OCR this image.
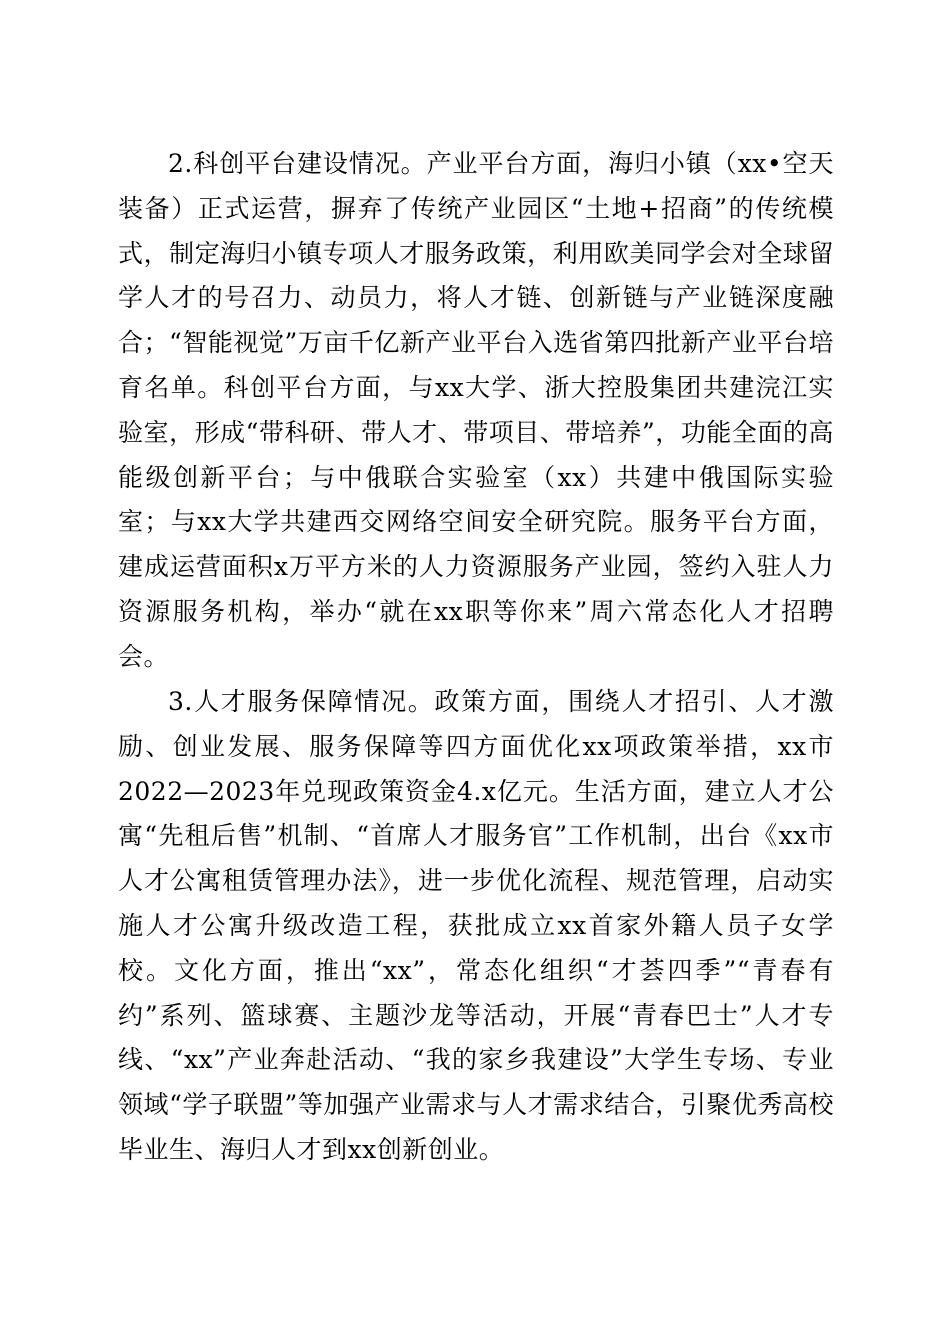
2.科创平台建设情况。产业平台方面，海归小镇（xx•空天装备）正式运营，摒弃了传统产业园区“土地+招商”的传统模式，制定海归小镇专项人才服务政策，利用欧美同学会对全球留学人才的号召力、动员力，将人才链、创新链与产业链深度融合；“智能视觉”万亩千亿新产业平台入选省第四批新产业平台培育名单。科创平台方面，与xx大学、浙大控股集团共建浣江实验室，形成“带科研、带人才、带项目、带培养”，功能全面的高能级创新平台；与中俄联合实验室（xx）共建中俄国际实验室；与xx大学共建西交网络空间安全研究院。服务平台方面，建成运营面积x万平方米的人力资源服务产业园，签约入驻人力资源服务机构，举办“就在xx职等你来”周六常态化人才招聘会。

3.人才服务保障情况。政策方面，围绕人才招引、人才激励、创业发展、服务保障等四方面优化xx项政策举措，xx市2022—2023年兑现政策资金4.x亿元。生活方面，建立人才公寓“先租后售”机制、“首席人才服务官”工作机制，出台《xx市人才公寓租赁管理办法》，进一步优化流程、规范管理，启动实施人才公寓升级改造工程，获批成立xx首家外籍人员子女学校。文化方面，推出“xx”，常态化组织“才荟四季”“青春有约”系列、篮球赛、主题沙龙等活动，开展“青春巴士”人才专线、“xx”产业奔赴活动、“我的家乡我建设”大学生专场、专业领域“学子联盟”等加强产业需求与人才需求结合，引聚优秀高校毕业生、海归人才到xx创新创业。
